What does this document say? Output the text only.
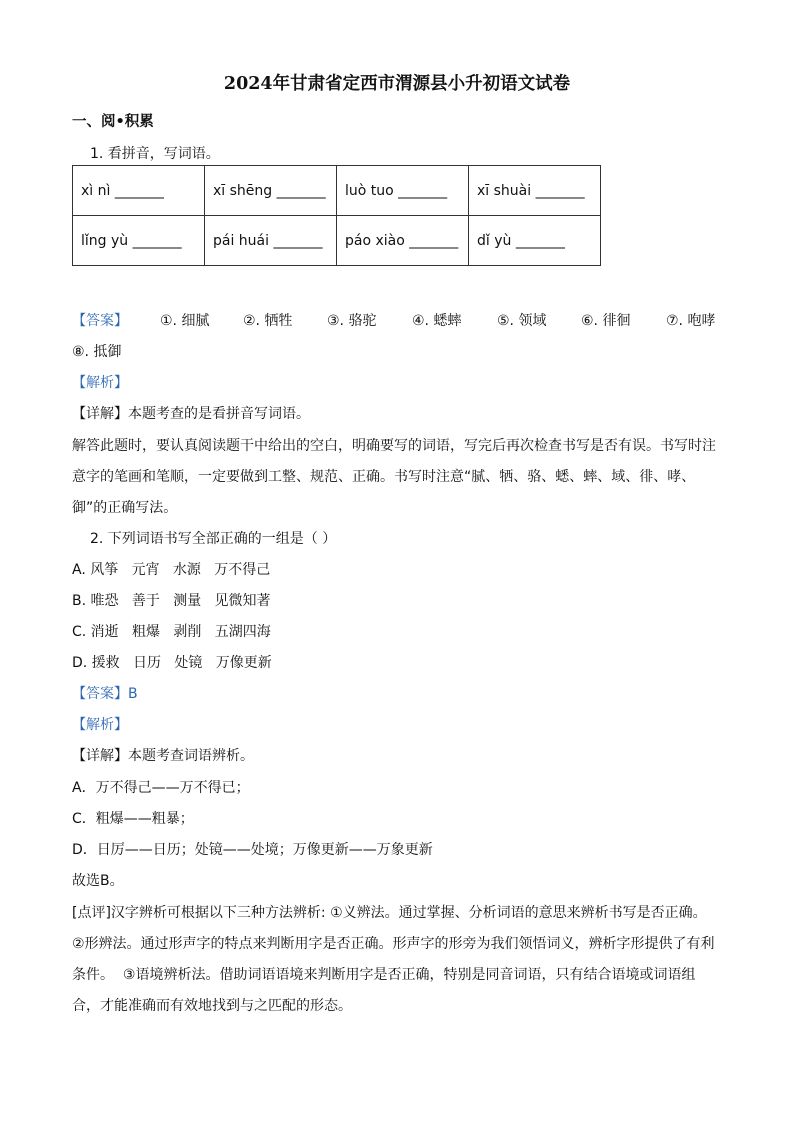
2024年甘肃省定西市渭源县小升初语文试卷
一、阅•积累
1. 看拼音，写词语。
xì nì _______	xī shēng _______	luò tuo _______	xī shuài _______
lǐng yù _______	pái huái _______	páo xiào _______	dǐ yù _______
【答案】 ①. 细腻 ②. 牺牲 ③. 骆驼	④. 蟋蟀	⑤. 领域 ⑥. 徘徊	⑦. 咆哮
⑧. 抵御
【解析】
【详解】本题考查的是看拼音写词语。
解答此题时，要认真阅读题干中给出的空白，明确要写的词语，写完后再次检查书写是否有误。书写时注
意字的笔画和笔顺，一定要做到工整、规范、正确。书写时注意“腻、牺、骆、蟋、蟀、域、徘、哮、
御”的正确写法。
2. 下列词语书写全部正确的一组是（ ）
A. 风筝   元宵   水源   万不得己
B. 唯恐   善于   测量   见微知著
C. 消逝   粗爆   剥削   五湖四海
D. 援救   日历   处镜   万像更新
【答案】B
【解析】
【详解】本题考查词语辨析。
A．万不得己——万不得已；
C．粗爆——粗暴；
D．日厉——日历；处镜——处境；万像更新——万象更新
故选B。
[点评]汉字辨析可根据以下三种方法辨析: ①义辨法。通过掌握、分析词语的意思来辨析书写是否正确。
②形辨法。通过形声字的特点来判断用字是否正确。形声字的形旁为我们领悟词义，辨析字形提供了有利
条件。  ③语境辨析法。借助词语语境来判断用字是否正确，特别是同音词语，只有结合语境或词语组
合，才能准确而有效地找到与之匹配的形态。
